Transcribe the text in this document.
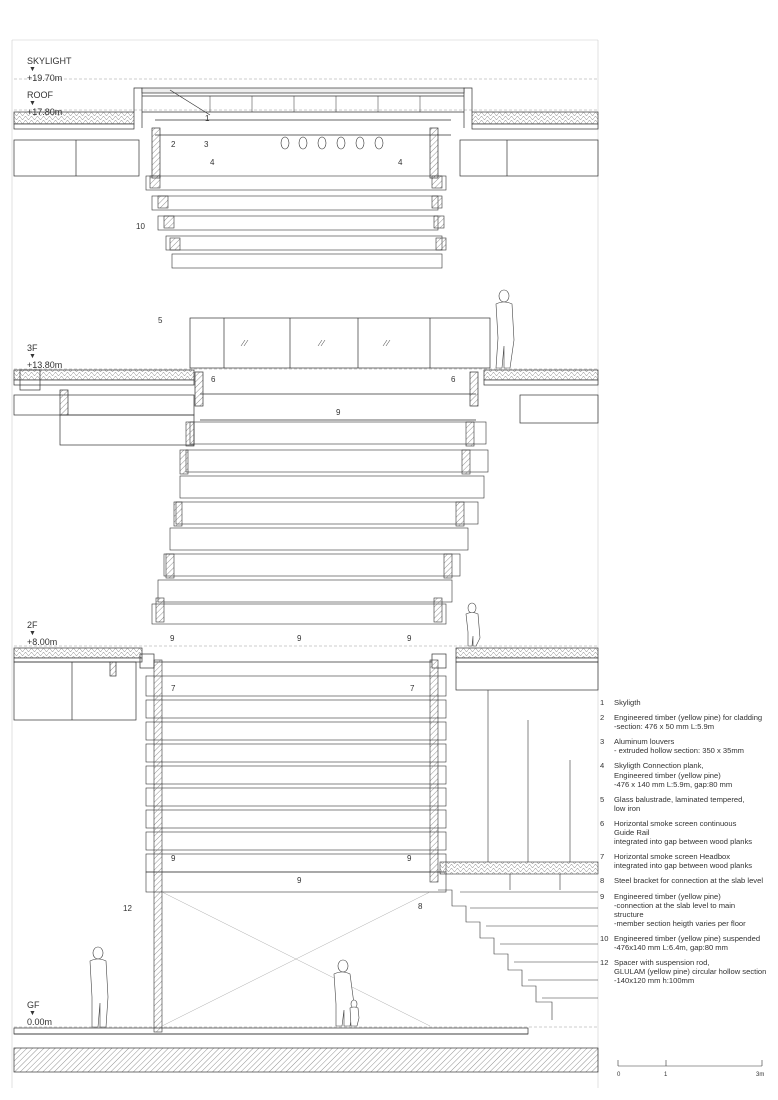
SKYLIGHT
▼
+19.70m
ROOF
▼
+17.80m
3F
▼
+13.80m
2F
▼
+8.00m
GF
▼
0.00m
1
2	3
4	4
10
5
6	6
9
9	9	9
7	7
9	9
9
12	8
1	Skyligth
2	Engineered timber (yellow pine) for cladding
-section: 476 x 50 mm L:5.9m
3	Aluminum louvers
- extruded hollow section: 350 x 35mm
4	Skyligth Connection plank,
Engineered timber (yellow pine)
-476 x 140 mm L:5.9m, gap:80 mm
5	Glass balustrade, laminated tempered,
low iron
6	Horizontal smoke screen continuous
Guide Rail
integrated into gap between wood planks
7	Horizontal smoke screen Headbox
integrated into gap between wood planks
8	Steel bracket for connection at the slab level
9	Engineered timber (yellow pine)
-connection at the slab level to main
structure
-member section heigth varies per floor
10 Engineered timber (yellow pine) suspended
-476x140 mm L:6.4m, gap:80 mm
12 Spacer with suspension rod,
GLULAM (yellow pine) circular hollow section
-140x120 mm h:100mm
0	1	3m
